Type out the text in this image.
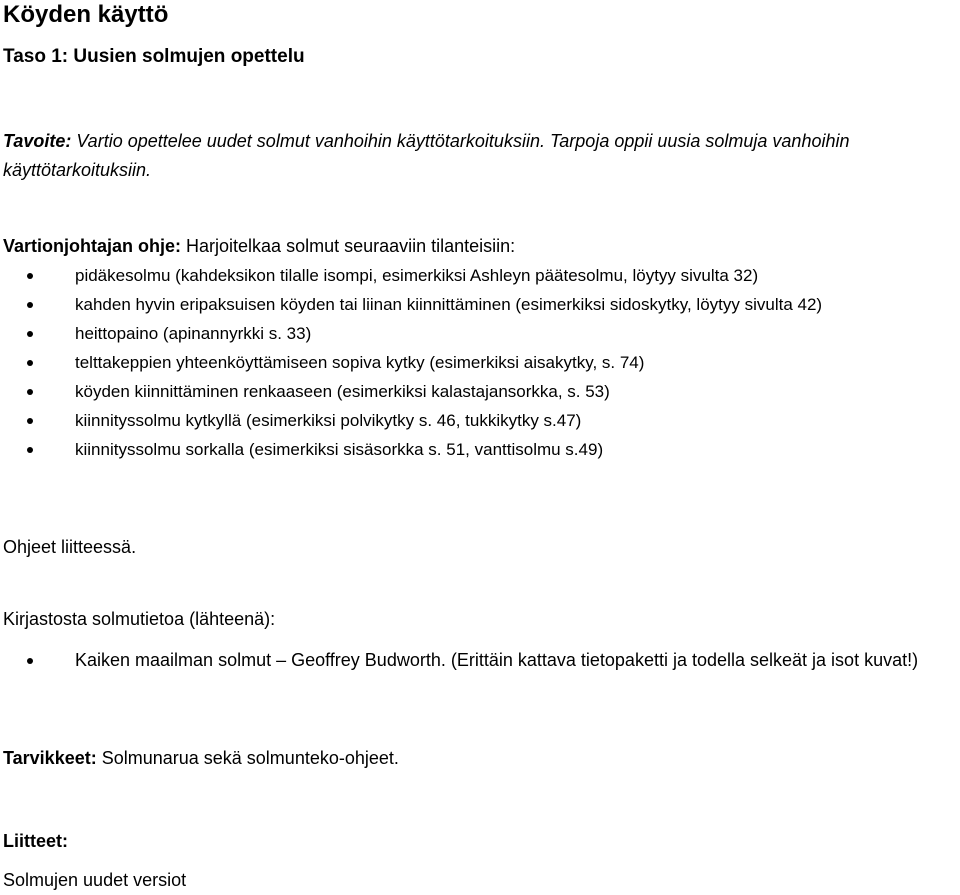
Köyden käyttö
Taso 1: Uusien solmujen opettelu
Tavoite: Vartio opettelee uudet solmut vanhoihin käyttötarkoituksiin. Tarpoja oppii uusia solmuja vanhoihin käyttötarkoituksiin.
Vartionjohtajan ohje: Harjoitelkaa solmut seuraaviin tilanteisiin:
pidäkesolmu (kahdeksikon tilalle isompi, esimerkiksi Ashleyn päätesolmu, löytyy sivulta 32)
kahden hyvin eripaksuisen köyden tai liinan kiinnittäminen (esimerkiksi sidoskytky, löytyy sivulta 42)
heittopaino (apinannyrkki s. 33)
telttakeppien yhteenköyttämiseen sopiva kytky (esimerkiksi aisakytky, s. 74)
köyden kiinnittäminen renkaaseen (esimerkiksi kalastajansorkka, s. 53)
kiinnityssolmu kytkyllä (esimerkiksi polvikytky s. 46, tukkikytky s.47)
kiinnityssolmu sorkalla (esimerkiksi sisäsorkka s. 51, vanttisolmu s.49)
Ohjeet liitteessä.
Kirjastosta solmutietoa (lähteenä):
Kaiken maailman solmut – Geoffrey Budworth. (Erittäin kattava tietopaketti ja todella selkeät ja isot kuvat!)
Tarvikkeet: Solmunarua sekä solmunteko-ohjeet.
Liitteet:
Solmujen uudet versiot
